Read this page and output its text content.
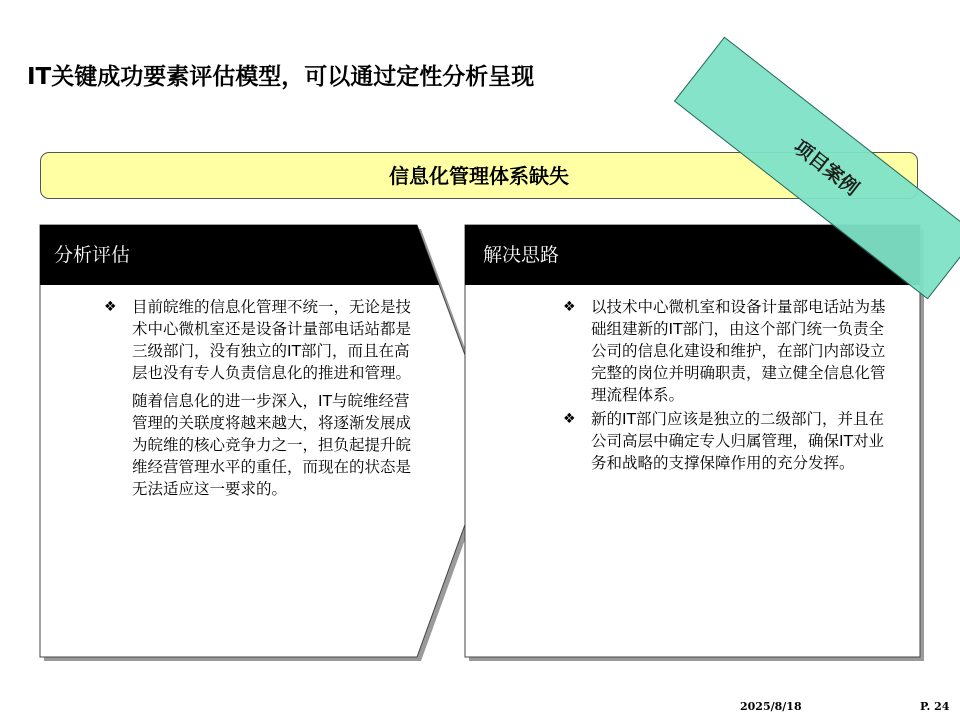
IT关键成功要素评估模型，可以通过定性分析呈现
信息化管理体系缺失	项目案例
分析评估
❖ 目前皖维的信息化管理不统一，无论是技术中心微机室还是设备计量部电话站都是三级部门，没有独立的IT部门，而且在高层也没有专人负责信息化的推进和管理。

随着信息化的进一步深入，IT与皖维经营管理的关联度将越来越大，将逐渐发展成为皖维的核心竞争力之一，担负起提升皖维经营管理水平的重任，而现在的状态是无法适应这一要求的。

解决思路
❖ 以技术中心微机室和设备计量部电话站为基础组建新的IT部门，由这个部门统一负责全公司的信息化建设和维护，在部门内部设立完整的岗位并明确职责，建立健全信息化管理流程体系。

❖ 新的IT部门应该是独立的二级部门，并且在公司高层中确定专人归属管理，确保IT对业务和战略的支撑保障作用的充分发挥。

2025/8/18	P. 24
